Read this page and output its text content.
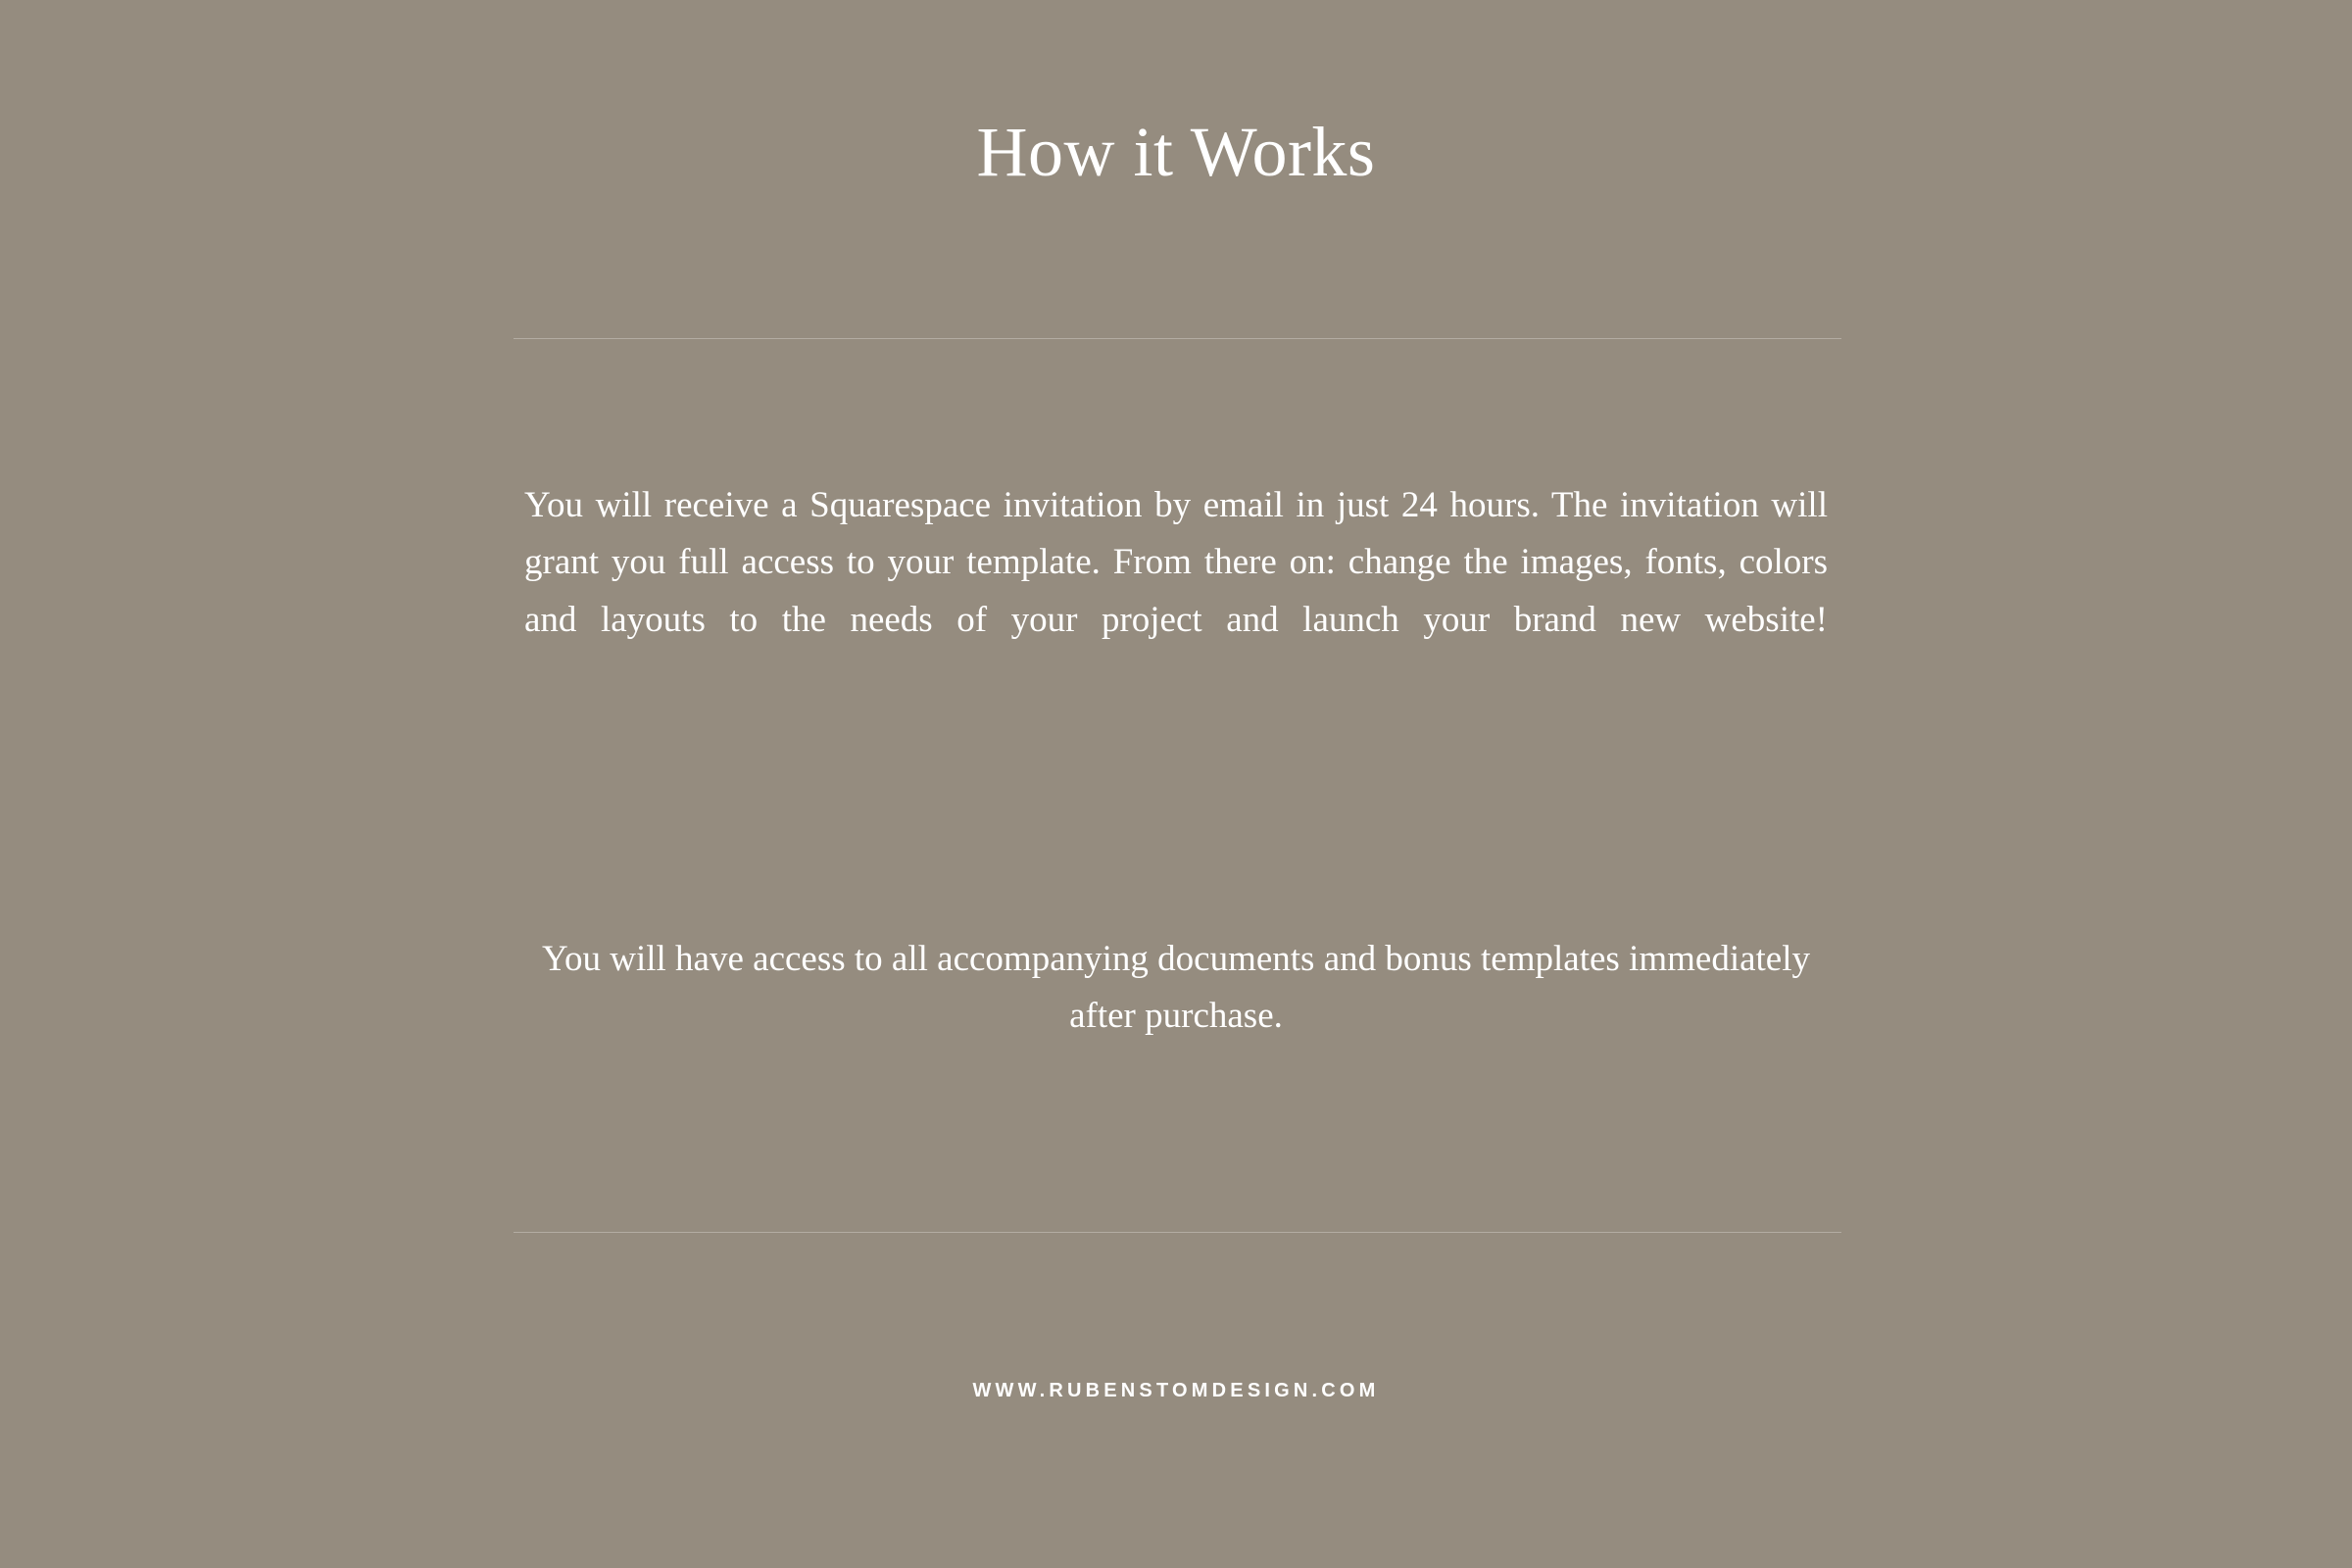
How it Works
You will receive a Squarespace invitation by email in just 24 hours. The invitation will grant you full access to your template. From there on: change the images, fonts, colors and layouts to the needs of your project and launch your brand new website!
You will have access to all accompanying documents and bonus templates immediately after purchase.
WWW.RUBENSTOMDESIGN.COM
